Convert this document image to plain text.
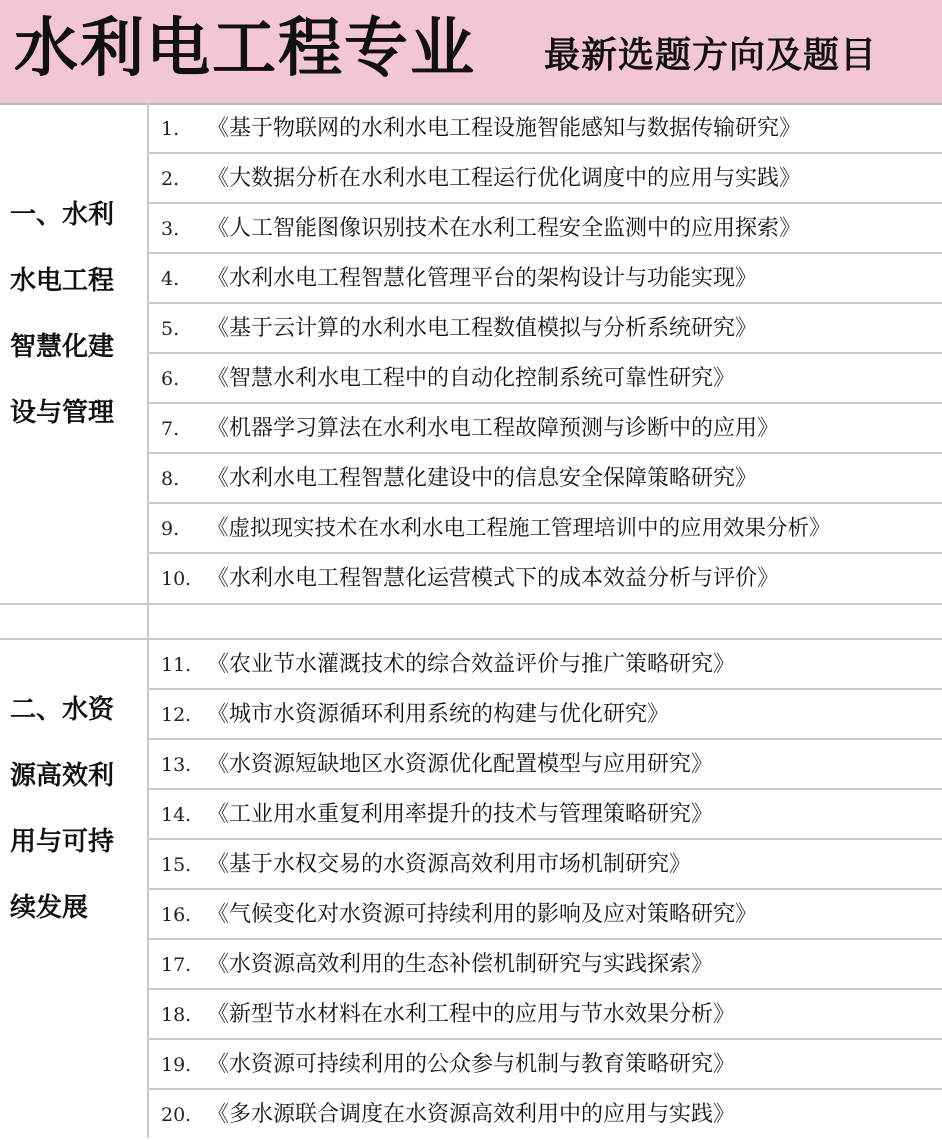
水利电工程专业 最新选题方向及题目
一、水利
水电工程
智慧化建
设与管理
1.	《基于物联网的水利水电工程设施智能感知与数据传输研究》
2.	《大数据分析在水利水电工程运行优化调度中的应用与实践》
3.	《人工智能图像识别技术在水利工程安全监测中的应用探索》
4.	《水利水电工程智慧化管理平台的架构设计与功能实现》
5.	《基于云计算的水利水电工程数值模拟与分析系统研究》
6.	《智慧水利水电工程中的自动化控制系统可靠性研究》
7.	《机器学习算法在水利水电工程故障预测与诊断中的应用》
8.	《水利水电工程智慧化建设中的信息安全保障策略研究》
9.	《虚拟现实技术在水利水电工程施工管理培训中的应用效果分析》
10. 《水利水电工程智慧化运营模式下的成本效益分析与评价》
二、水资
源高效利
用与可持
续发展
11. 《农业节水灌溉技术的综合效益评价与推广策略研究》
12. 《城市水资源循环利用系统的构建与优化研究》
13. 《水资源短缺地区水资源优化配置模型与应用研究》
14. 《工业用水重复利用率提升的技术与管理策略研究》
15. 《基于水权交易的水资源高效利用市场机制研究》
16. 《气候变化对水资源可持续利用的影响及应对策略研究》
17. 《水资源高效利用的生态补偿机制研究与实践探索》
18. 《新型节水材料在水利工程中的应用与节水效果分析》
19. 《水资源可持续利用的公众参与机制与教育策略研究》
20. 《多水源联合调度在水资源高效利用中的应用与实践》
